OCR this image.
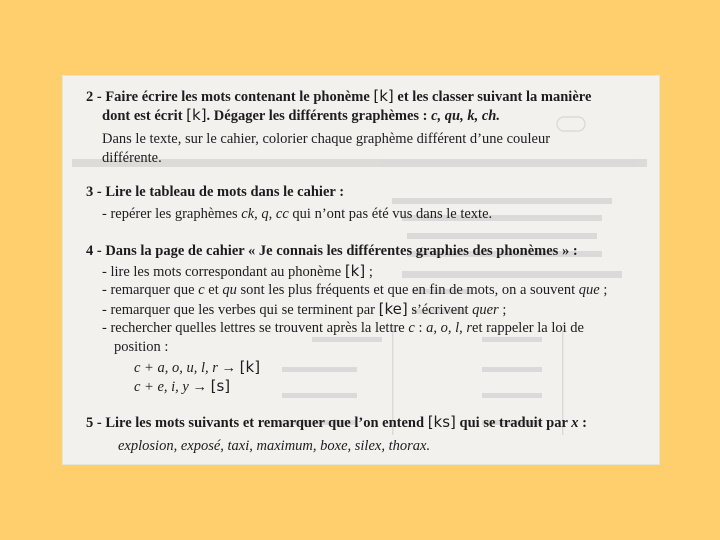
2 - Faire écrire les mots contenant le phonème [k] et les classer suivant la manière
dont est écrit [k]. Dégager les différents graphèmes : c, qu, k, ch.
Dans le texte, sur le cahier, colorier chaque graphème différent d’une couleur
différente.
3 - Lire le tableau de mots dans le cahier :
- repérer les graphèmes ck, q, cc qui n’ont pas été vus dans le texte.
4 - Dans la page de cahier « Je connais les différentes graphies des phonèmes » :
- lire les mots correspondant au phonème [k] ;
- remarquer que c et qu sont les plus fréquents et que en fin de mots, on a souvent que ;
- remarquer que les verbes qui se terminent par [ke] s’écrivent quer ;
- rechercher quelles lettres se trouvent après la lettre c : a, o, l, ret rappeler la loi de
position :
c + a, o, u, l, r → [k]
c + e, i, y → [s]
5 - Lire les mots suivants et remarquer que l’on entend [ks] qui se traduit par x :
explosion, exposé, taxi, maximum, boxe, silex, thorax.
